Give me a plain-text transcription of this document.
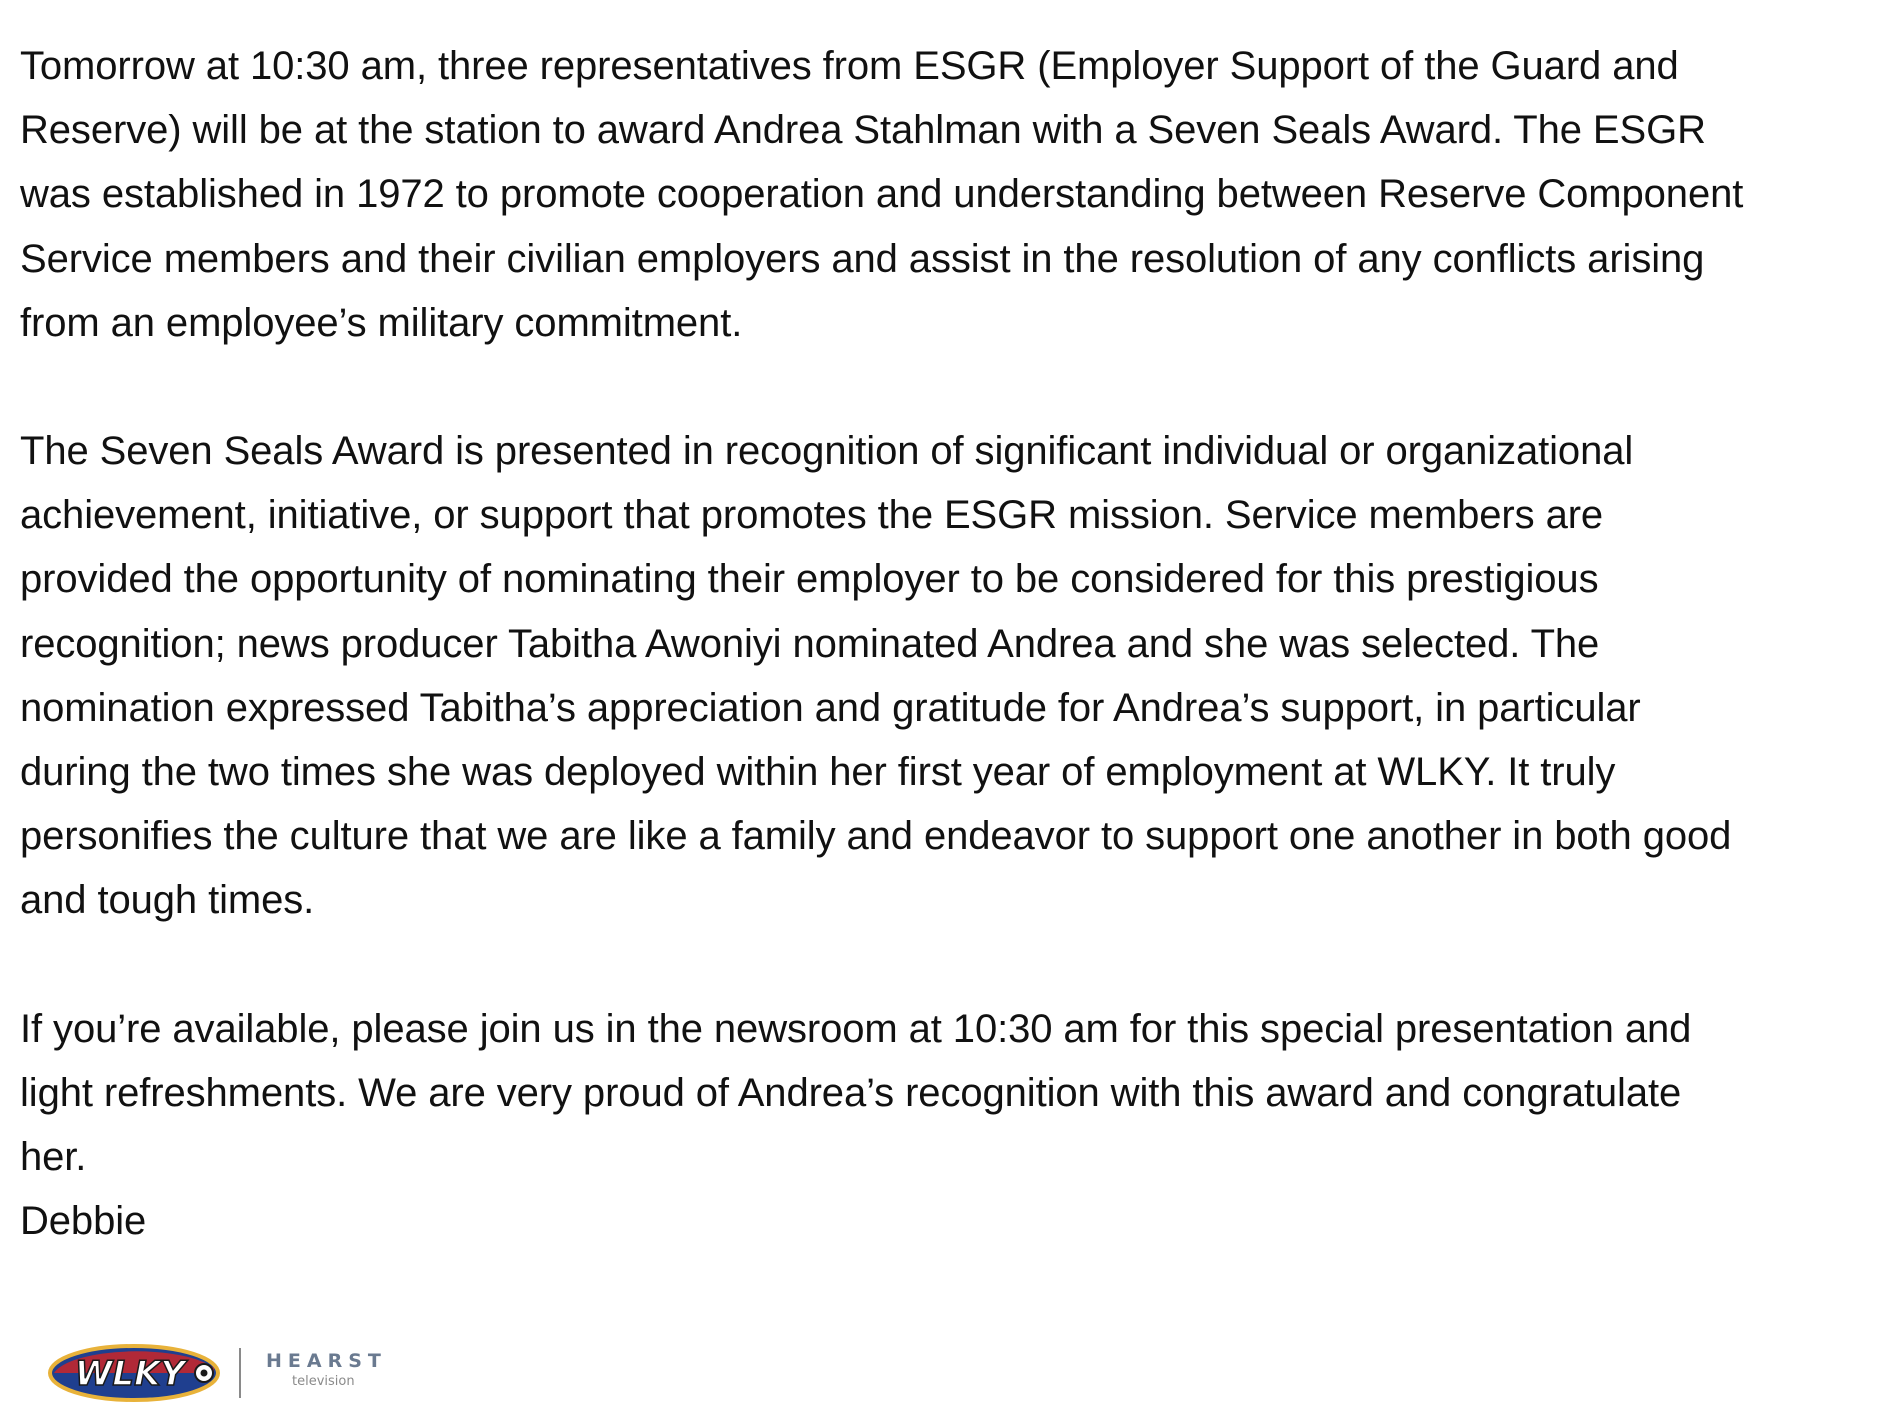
Tomorrow at 10:30 am, three representatives from ESGR (Employer Support of the Guard and
Reserve) will be at the station to award Andrea Stahlman with a Seven Seals Award. The ESGR
was established in 1972 to promote cooperation and understanding between Reserve Component
Service members and their civilian employers and assist in the resolution of any conflicts arising
from an employee’s military commitment.

The Seven Seals Award is presented in recognition of significant individual or organizational
achievement, initiative, or support that promotes the ESGR mission. Service members are
provided the opportunity of nominating their employer to be considered for this prestigious
recognition; news producer Tabitha Awoniyi nominated Andrea and she was selected. The
nomination expressed Tabitha’s appreciation and gratitude for Andrea’s support, in particular
during the two times she was deployed within her first year of employment at WLKY. It truly
personifies the culture that we are like a family and endeavor to support one another in both good
and tough times.

If you’re available, please join us in the newsroom at 10:30 am for this special presentation and
light refreshments. We are very proud of Andrea’s recognition with this award and congratulate
her.

Debbie

WLKY	HEARST
television
